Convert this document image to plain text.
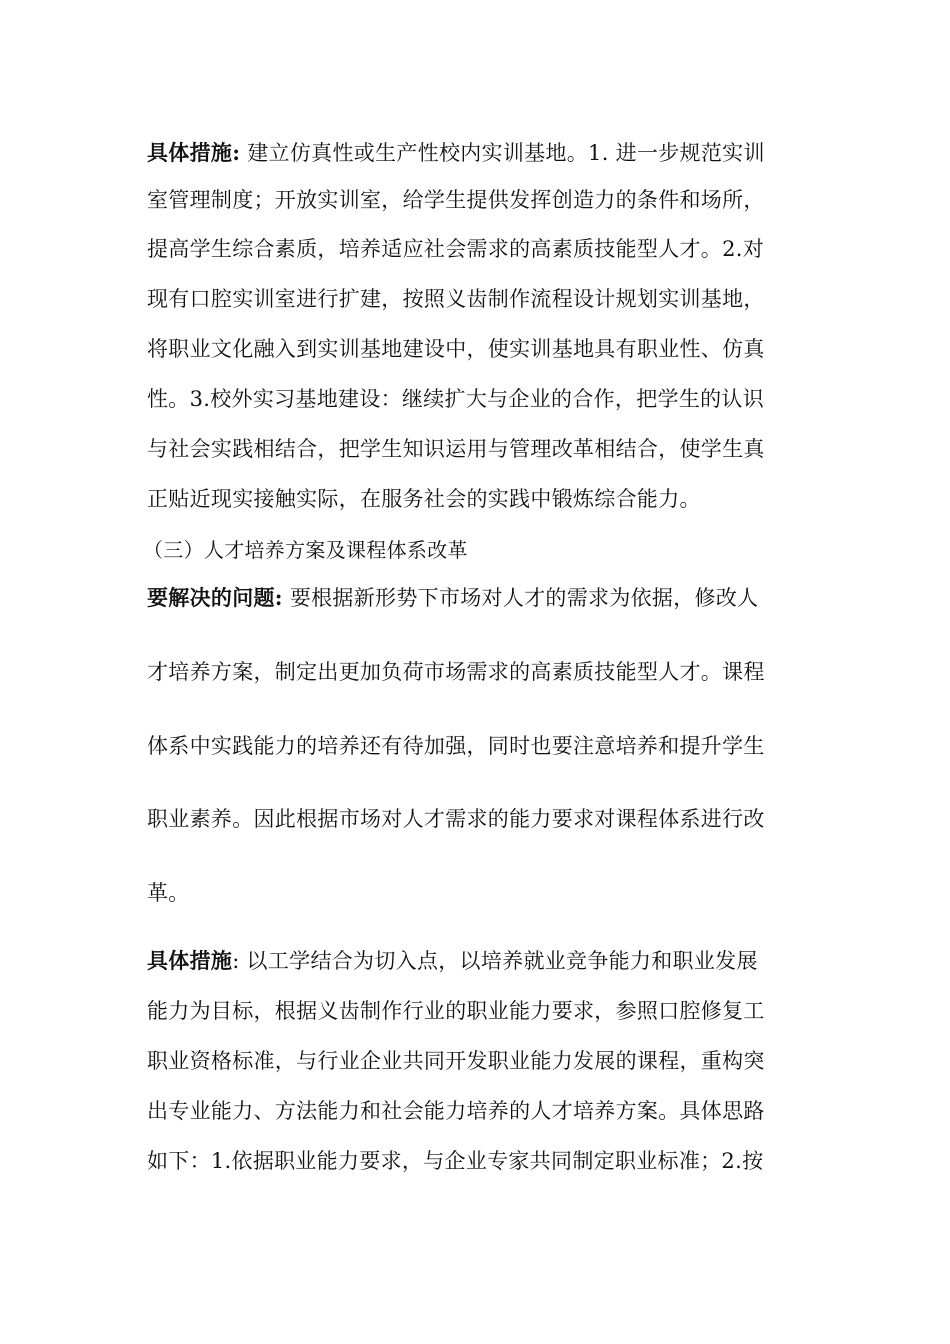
具体措施: 建立仿真性或生产性校内实训基地。1. 进一步规范实训
室管理制度；开放实训室，给学生提供发挥创造力的条件和场所，
提高学生综合素质，培养适应社会需求的高素质技能型人才。2.对
现有口腔实训室进行扩建，按照义齿制作流程设计规划实训基地，
将职业文化融入到实训基地建设中，使实训基地具有职业性、仿真
性。3.校外实习基地建设：继续扩大与企业的合作，把学生的认识
与社会实践相结合，把学生知识运用与管理改革相结合，使学生真
正贴近现实接触实际，在服务社会的实践中锻炼综合能力。
（三）人才培养方案及课程体系改革
要解决的问题: 要根据新形势下市场对人才的需求为依据，修改人
才培养方案，制定出更加负荷市场需求的高素质技能型人才。课程
体系中实践能力的培养还有待加强，同时也要注意培养和提升学生
职业素养。因此根据市场对人才需求的能力要求对课程体系进行改
革。
具体措施: 以工学结合为切入点，以培养就业竞争能力和职业发展
能力为目标，根据义齿制作行业的职业能力要求，参照口腔修复工
职业资格标准，与行业企业共同开发职业能力发展的课程，重构突
出专业能力、方法能力和社会能力培养的人才培养方案。具体思路
如下：1.依据职业能力要求，与企业专家共同制定职业标准；2.按
